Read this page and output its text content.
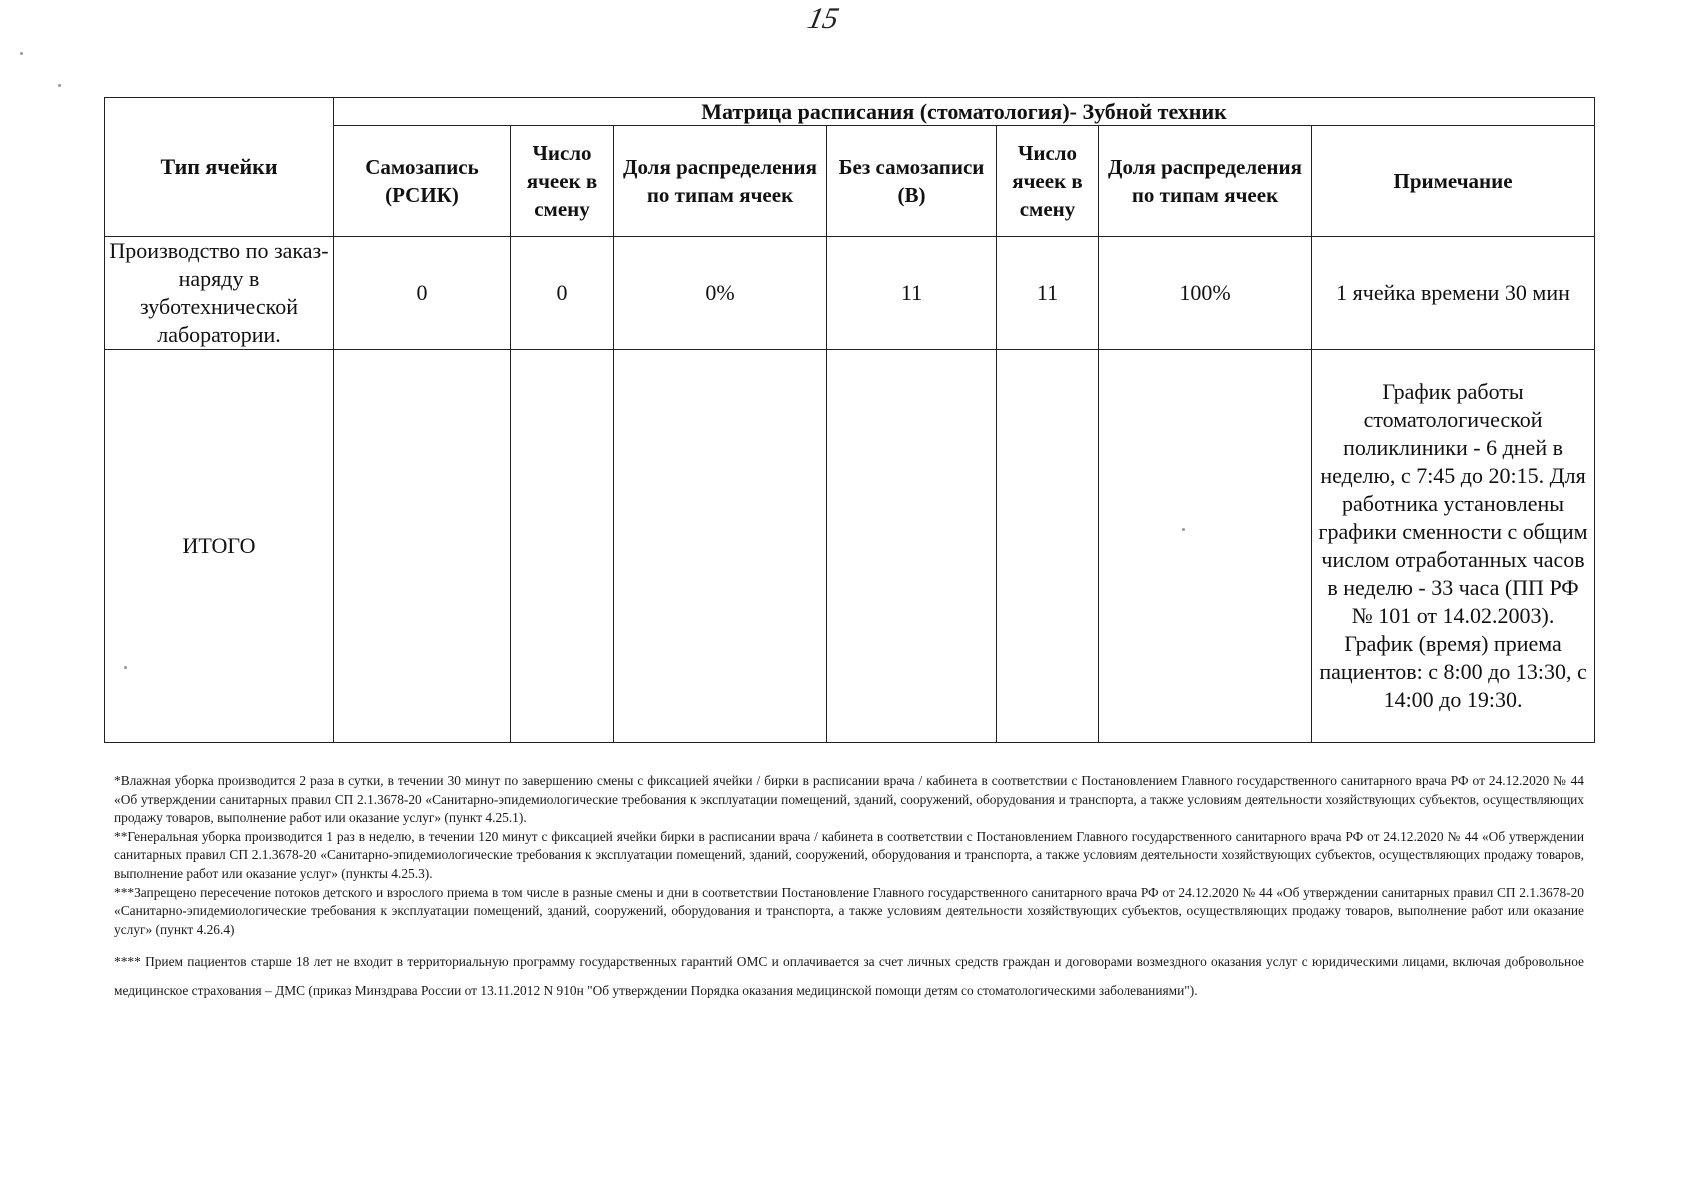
15
Тип ячейки	Матрица расписания (стоматология)- Зубной техник						
	Самозапись (РСИК)	Число ячеек в смену	Доля распределения по типам ячеек	Без самозаписи (В)	Число ячеек в смену	Доля распределения по типам ячеек	Примечание
Производство по заказ-наряду в зуботехнической лаборатории.	0	0	0%	11	11	100%	1 ячейка времени 30 мин
ИТОГО							График работы стоматологической поликлиники - 6 дней в неделю, с 7:45 до 20:15. Для работника установлены графики сменности с общим числом отработанных часов в неделю - 33 часа (ПП РФ № 101 от 14.02.2003). График (время) приема пациентов: с 8:00 до 13:30, с 14:00 до 19:30.

*Влажная уборка производится 2 раза в сутки, в течении 30 минут по завершению смены с фиксацией ячейки / бирки в расписании врача / кабинета в соответствии с Постановлением Главного государственного санитарного врача РФ от 24.12.2020 № 44 «Об утверждении санитарных правил СП 2.1.3678-20 «Санитарно-эпидемиологические требования к эксплуатации помещений, зданий, сооружений, оборудования и транспорта, а также условиям деятельности хозяйствующих субъектов, осуществляющих продажу товаров, выполнение работ или оказание услуг» (пункт 4.25.1).

**Генеральная уборка производится 1 раз в неделю, в течении 120 минут с фиксацией ячейки бирки в расписании врача / кабинета в соответствии с Постановлением Главного государственного санитарного врача РФ от 24.12.2020 № 44 «Об утверждении санитарных правил СП 2.1.3678-20 «Санитарно-эпидемиологические требования к эксплуатации помещений, зданий, сооружений, оборудования и транспорта, а также условиям деятельности хозяйствующих субъектов, осуществляющих продажу товаров, выполнение работ или оказание услуг» (пункты 4.25.3).

***Запрещено пересечение потоков детского и взрослого приема в том числе в разные смены и дни в соответствии Постановление Главного государственного санитарного врача РФ от 24.12.2020 № 44 «Об утверждении санитарных правил СП 2.1.3678-20 «Санитарно-эпидемиологические требования к эксплуатации помещений, зданий, сооружений, оборудования и транспорта, а также условиям деятельности хозяйствующих субъектов, осуществляющих продажу товаров, выполнение работ или оказание услуг» (пункт 4.26.4)

**** Прием пациентов старше 18 лет не входит в территориальную программу государственных гарантий ОМС и оплачивается за счет личных средств граждан и договорами возмездного оказания услуг с юридическими лицами, включая добровольное медицинское страхования – ДМС (приказ Минздрава России от 13.11.2012 N 910н "Об утверждении Порядка оказания медицинской помощи детям со стоматологическими заболеваниями").
